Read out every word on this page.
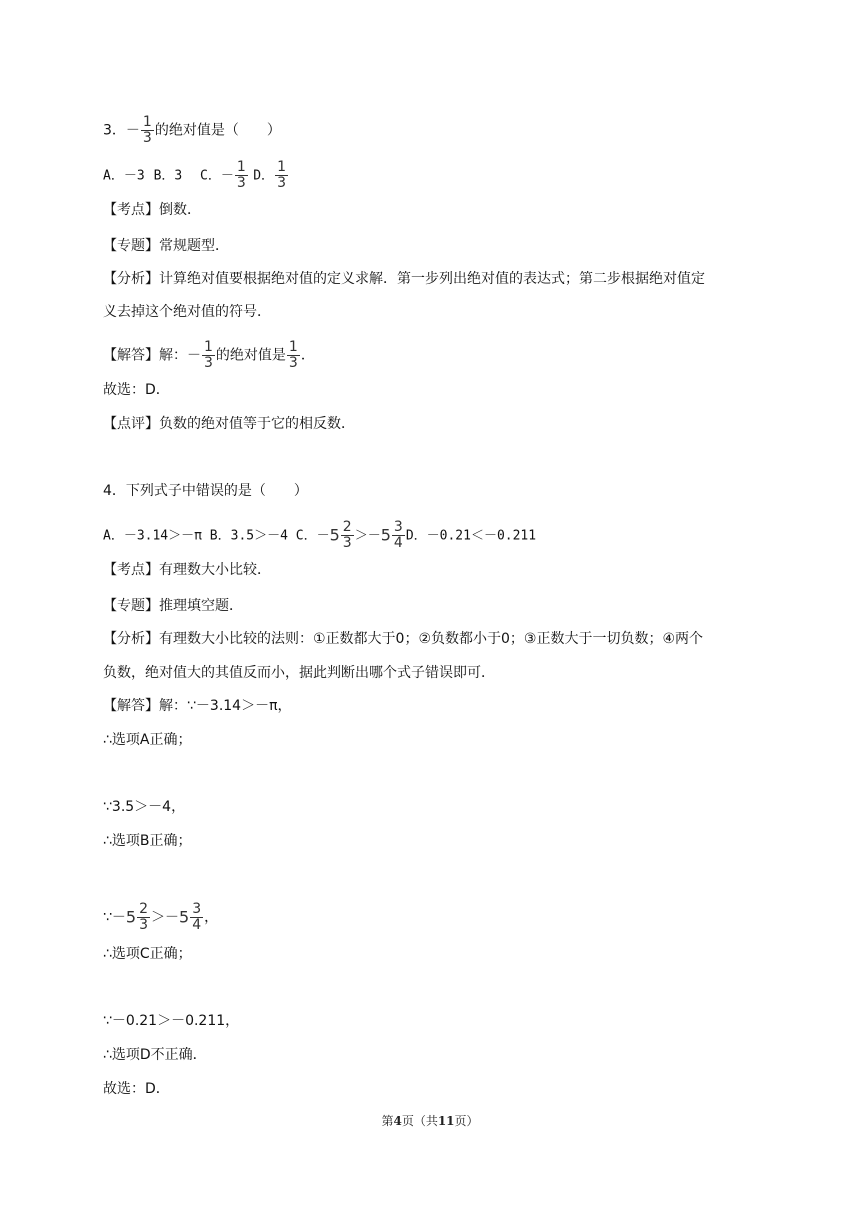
3．－ $\frac{1}{3}$ 的绝对值是（　　）
A．－3 B．3 C．－ $\frac{1}{3}$ D． $\frac{1}{3}$
【考点】倒数．
【专题】常规题型．
【分析】计算绝对值要根据绝对值的定义求解．第一步列出绝对值的表达式；第二步根据绝对值定
义去掉这个绝对值的符号．
【解答】解：－ $\frac{1}{3}$ 的绝对值是 $\frac{1}{3}$ ．
故选：D．
【点评】负数的绝对值等于它的相反数．
4．下列式子中错误的是（　　）
A．－3.14＞－π B．3.5＞－4 C．$-5 \frac{2}{3} >-5 \frac{3}{4}$ D．－0.21＜－0.211
【考点】有理数大小比较．
【专题】推理填空题．
【分析】有理数大小比较的法则：①正数都大于0；②负数都小于0；③正数大于一切负数；④两个
负数，绝对值大的其值反而小，据此判断出哪个式子错误即可．
【解答】解：∵－3.14＞－π，
∴选项A正确；
∵3.5＞－4，
∴选项B正确；
∵－5 $\frac{2}{3} >-5 \frac{3}{4}$ ，
∴选项C正确；
∵－0.21＞－0.211，
∴选项D不正确．
故选：D．
第4页（共11页）
